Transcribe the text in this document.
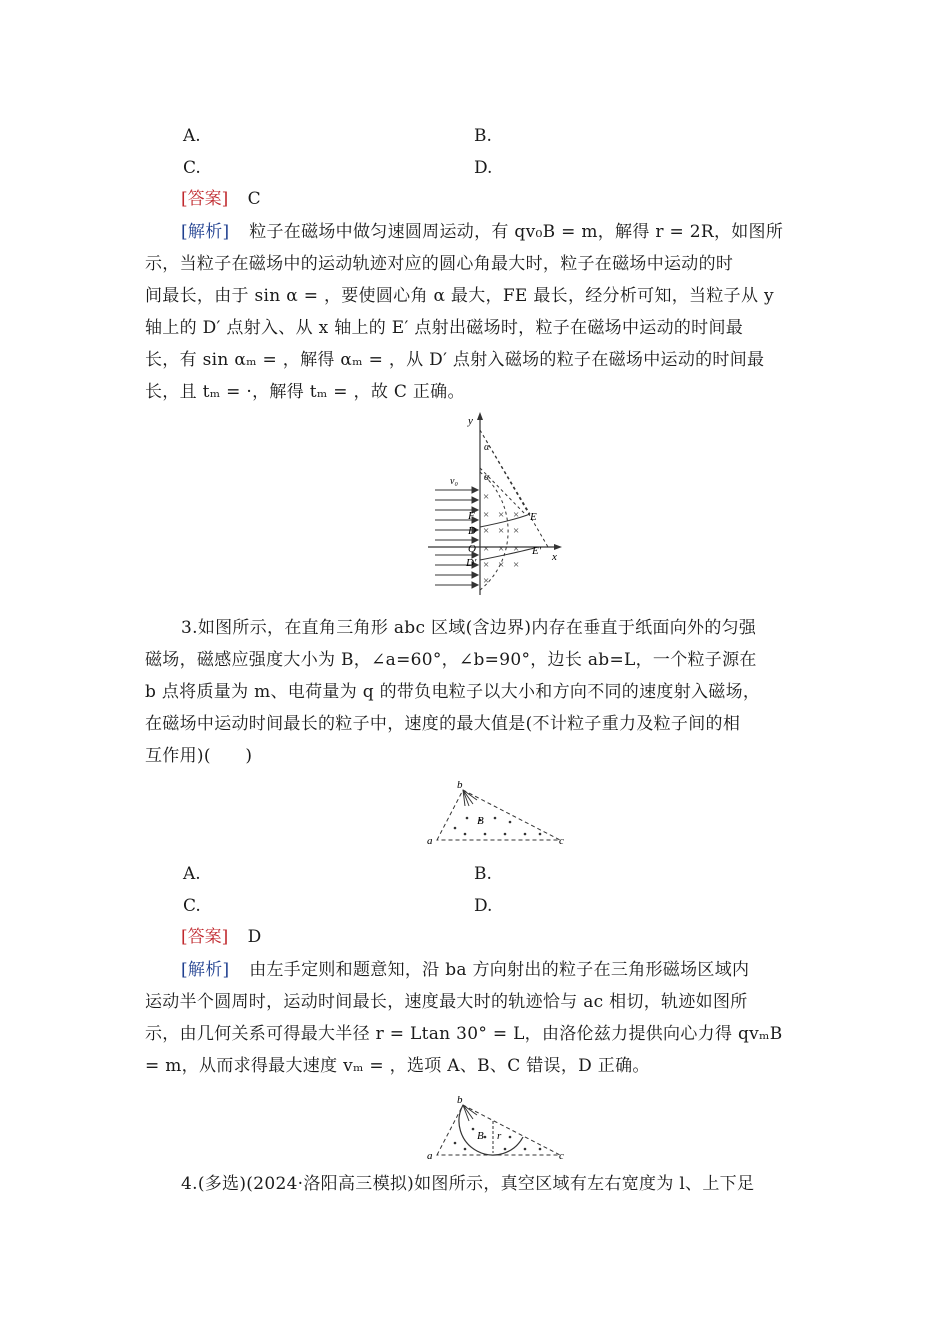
A.	B.
C.	D.
[答案] C
[解析] 粒子在磁场中做匀速圆周运动，有 qv₀B = m，解得 r = 2R，如图所
示，当粒子在磁场中的运动轨迹对应的圆心角最大时，粒子在磁场中运动的时
间最长，由于 sin α = ，要使圆心角 α 最大，FE 最长，经分析可知，当粒子从 y
轴上的 D′ 点射入、从 x 轴上的 E′ 点射出磁场时，粒子在磁场中运动的时间最
长，有 sin αₘ = ，解得 αₘ = ，从 D′ 点射入磁场的粒子在磁场中运动的时间最
长，且 tₘ = ·，解得 tₘ = ，故 C 正确。
×
× × ×
× × ×
× × ×
× × ×
×
y
x
v₀
F
D
O
D′
E
E′
α
α
3.如图所示，在直角三角形 abc 区域(含边界)内存在垂直于纸面向外的匀强
磁场，磁感应强度大小为 B，∠a=60°，∠b=90°，边长 ab=L，一个粒子源在
b 点将质量为 m、电荷量为 q 的带负电粒子以大小和方向不同的速度射入磁场，
在磁场中运动时间最长的粒子中，速度的最大值是(不计粒子重力及粒子间的相
互作用)(　　)
a
b
c
B
A.	B.
C.	D.
[答案] D
[解析] 由左手定则和题意知，沿 ba 方向射出的粒子在三角形磁场区域内
运动半个圆周时，运动时间最长，速度最大时的轨迹恰与 ac 相切，轨迹如图所
示，由几何关系可得最大半径 r = Ltan 30° = L，由洛伦兹力提供向心力得 qvₘB
= m，从而求得最大速度 vₘ = ，选项 A、B、C 错误，D 正确。
a
b
c
B r
4.(多选)(2024·洛阳高三模拟)如图所示，真空区域有左右宽度为 l、上下足
